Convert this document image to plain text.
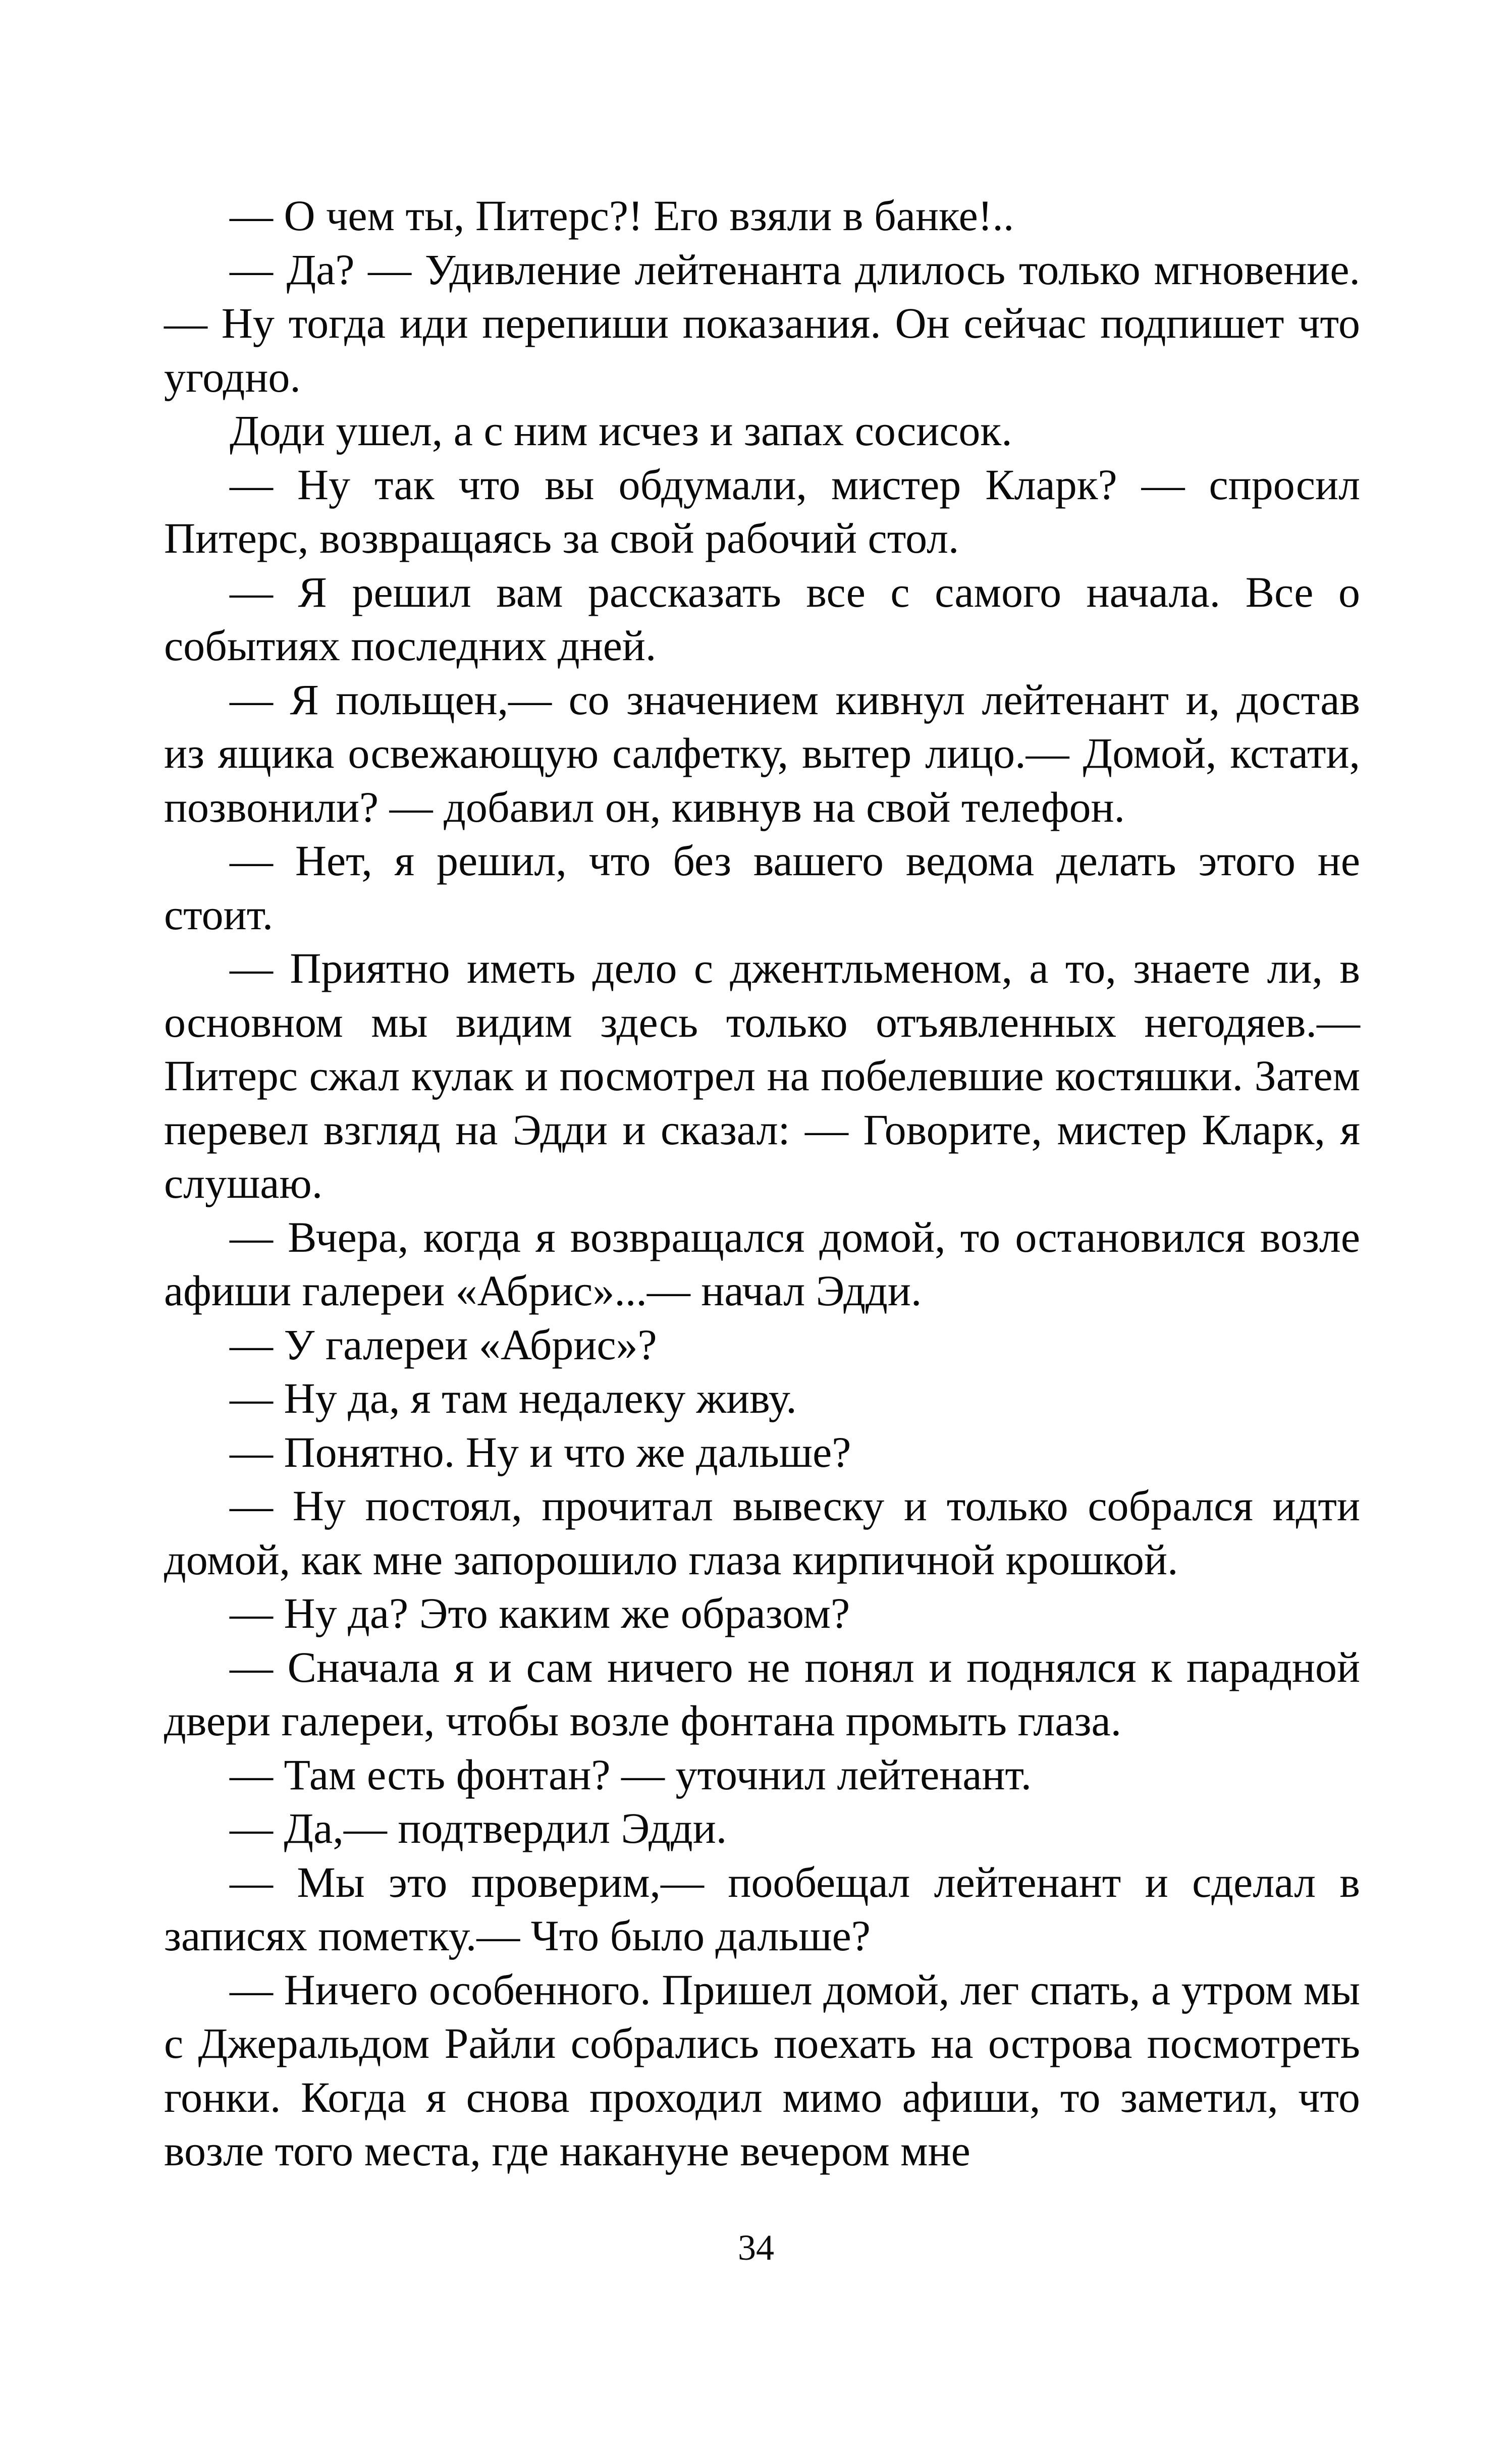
— О чем ты, Питерс?! Его взяли в банке!..

— Да? — Удивление лейтенанта длилось только мгновение.— Ну тогда иди перепиши показания. Он сейчас подпишет что угодно.

Доди ушел, а с ним исчез и запах сосисок.

— Ну так что вы обдумали, мистер Кларк? — спросил Питерс, возвращаясь за свой рабочий стол.

— Я решил вам рассказать все с самого начала. Все о событиях последних дней.

— Я польщен,— со значением кивнул лейтенант и, достав из ящика освежающую салфетку, вытер лицо.— Домой, кстати, позвонили? — добавил он, кивнув на свой телефон.

— Нет, я решил, что без вашего ведома делать этого не стоит.

— Приятно иметь дело с джентльменом, а то, знаете ли, в основном мы видим здесь только отъявленных негодяев.— Питерс сжал кулак и посмотрел на побелевшие костяшки. Затем перевел взгляд на Эдди и сказал: — Говорите, мистер Кларк, я слушаю.

— Вчера, когда я возвращался домой, то остановился возле афиши галереи «Абрис»...— начал Эдди.

— У галереи «Абрис»?

— Ну да, я там недалеку живу.

— Понятно. Ну и что же дальше?

— Ну постоял, прочитал вывеску и только собрался идти домой, как мне запорошило глаза кирпичной крошкой.

— Ну да? Это каким же образом?

— Сначала я и сам ничего не понял и поднялся к парадной двери галереи, чтобы возле фонтана промыть глаза.

— Там есть фонтан? — уточнил лейтенант.

— Да,— подтвердил Эдди.

— Мы это проверим,— пообещал лейтенант и сделал в записях пометку.— Что было дальше?

— Ничего особенного. Пришел домой, лег спать, а утром мы с Джеральдом Райли собрались поехать на острова посмотреть гонки. Когда я снова проходил мимо афиши, то заметил, что возле того места, где накануне вечером мне

34
